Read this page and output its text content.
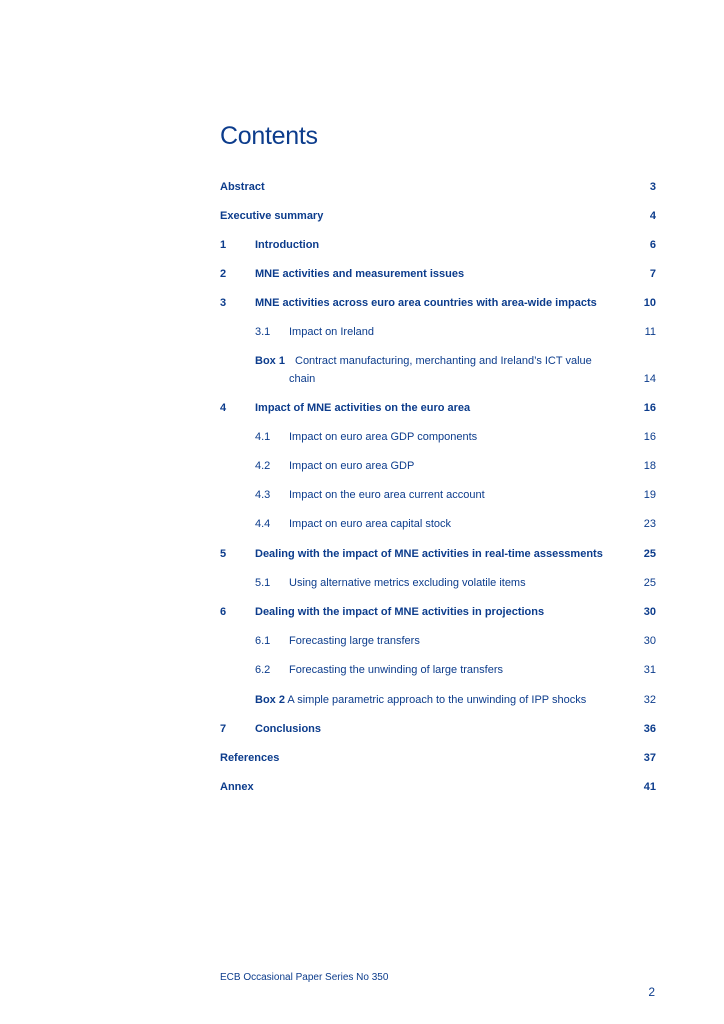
Contents
Abstract	3
Executive summary	4
1	Introduction	6
2	MNE activities and measurement issues	7
3	MNE activities across euro area countries with area-wide impacts	10
3.1 Impact on Ireland	11
Box 1 Contract manufacturing, merchanting and Ireland’s ICT value
chain	14
4	Impact of MNE activities on the euro area	16
4.1 Impact on euro area GDP components	16
4.2 Impact on euro area GDP	18
4.3 Impact on the euro area current account	19
4.4 Impact on euro area capital stock	23
5	Dealing with the impact of MNE activities in real-time assessments	25
5.1 Using alternative metrics excluding volatile items	25
6	Dealing with the impact of MNE activities in projections	30
6.1 Forecasting large transfers	30
6.2 Forecasting the unwinding of large transfers	31
Box 2 A simple parametric approach to the unwinding of IPP shocks	32
7	Conclusions	36
References	37
Annex	41
ECB Occasional Paper Series No 350
2
